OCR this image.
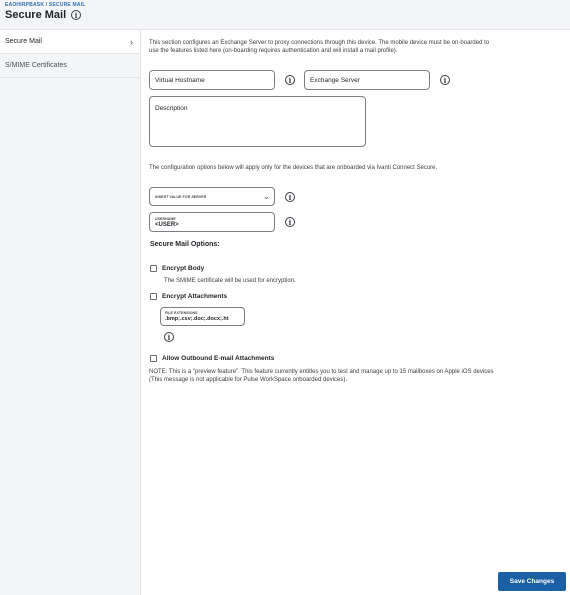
EAOHIRPBASK / SECURE MAIL
Secure Mail	i
Secure Mail	›
S/MIME Certificates

This section configures an Exchange Server to proxy connections through this device. The mobile device must be on-boarded to use the features listed here (on-boarding requires authentication and will install a mail profile).

Virtual Hostname	i	Exchange Server	i
Description

The configuration options below will apply only for the devices that are onboarded via Ivanti Connect Secure.

INSERT VALUE FOR SERVER	⌄	i
USERNAME
<USER>	i
Secure Mail Options:
Encrypt Body
The SMIME certificate will be used for encryption.
Encrypt Attachments
FILE EXTENSIONS
.bmp;.csv;.doc;.docx;.ht
i
Allow Outbound E-mail Attachments

NOTE: This is a "preview feature". This feature currently entitles you to test and manage up to 15 mailboxes on Apple iOS devices (This message is not applicable for Pulse WorkSpace onboarded devices).

Save Changes
